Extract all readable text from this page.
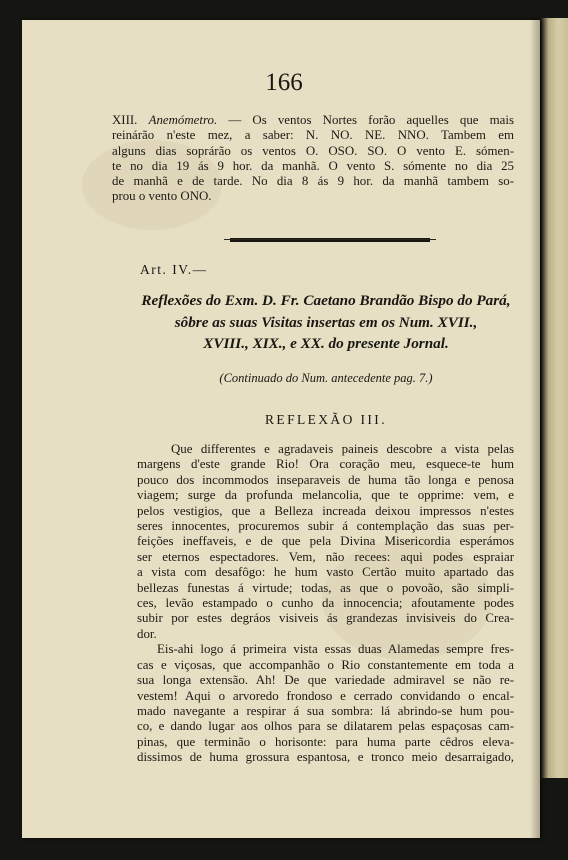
166
XIII. Anemómetro. — Os ventos Nortes forão aquelles que mais
reinárão n'este mez, a saber: N. NO. NE. NNO. Tambem em
alguns dias soprárão os ventos O. OSO. SO. O vento E. sómen-
te no dia 19 ás 9 hor. da manhã. O vento S. sómente no dia 25
de manhã e de tarde. No dia 8 ás 9 hor. da manhã tambem so-
prou o vento ONO.
Art. IV.—
Reflexões do Exm. D. Fr. Caetano Brandão Bispo do Pará,
sôbre as suas Visitas insertas em os Num. XVII.,
XVIII., XIX., e XX. do presente Jornal.
(Continuado do Num. antecedente pag. 7.)
REFLEXÃO III.
Que differentes e agradaveis paineis descobre a vista pelas
margens d'este grande Rio! Ora coração meu, esquece-te hum
pouco dos incommodos inseparaveis de huma tão longa e penosa
viagem; surge da profunda melancolia, que te opprime: vem, e
pelos vestigios, que a Belleza increada deixou impressos n'estes
seres innocentes, procuremos subir á contemplação das suas per-
feições ineffaveis, e de que pela Divina Misericordia esperámos
ser eternos espectadores. Vem, não recees: aqui podes espraiar
a vista com desafôgo: he hum vasto Certão muito apartado das
bellezas funestas á virtude; todas, as que o povoão, são simpli-
ces, levão estampado o cunho da innocencia; afoutamente podes
subir por estes degráos visiveis ás grandezas invisiveis do Crea-
dor.
Eis-ahi logo á primeira vista essas duas Alamedas sempre fres-
cas e viçosas, que accompanhão o Rio constantemente em toda a
sua longa extensão. Ah! De que variedade admiravel se não re-
vestem! Aqui o arvoredo frondoso e cerrado convidando o encal-
mado navegante a respirar á sua sombra: lá abrindo-se hum pou-
co, e dando lugar aos olhos para se dilatarem pelas espaçosas cam-
pinas, que terminão o horisonte: para huma parte cêdros eleva-
dissimos de huma grossura espantosa, e tronco meio desarraigado,
